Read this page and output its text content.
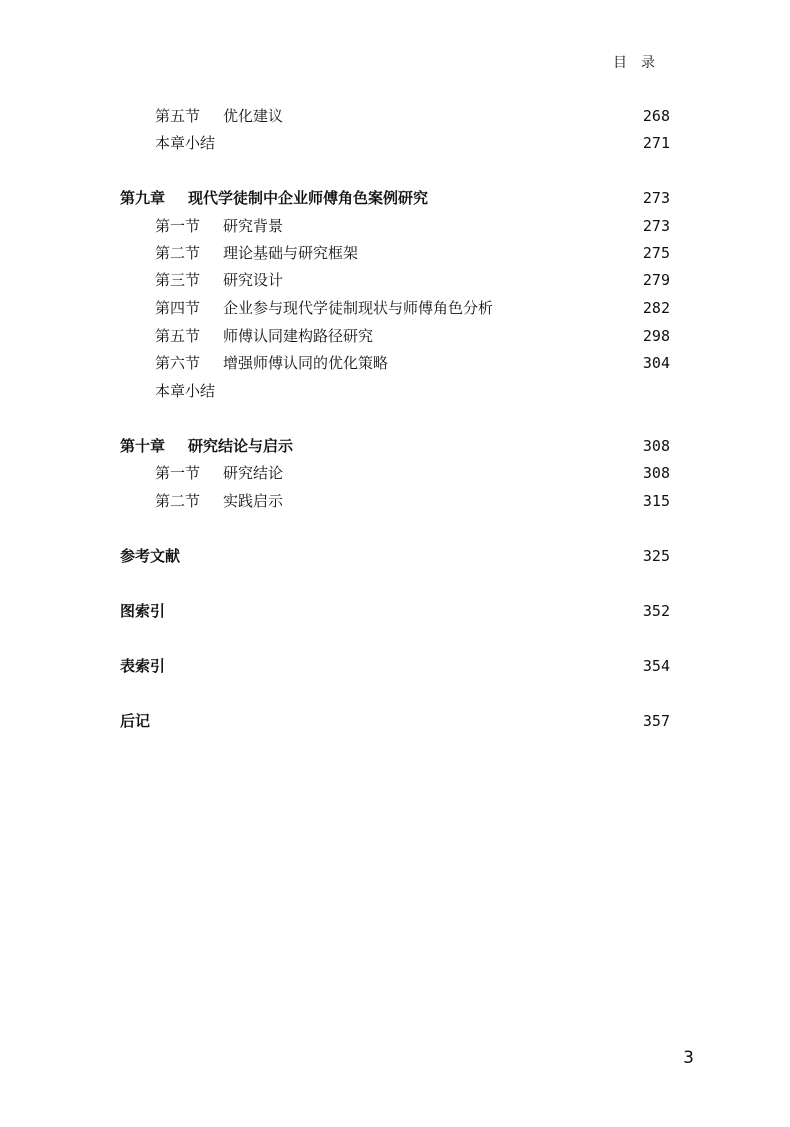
目录
第五节 优化建议	268
本章小结	271
第九章 现代学徒制中企业师傅角色案例研究	273
第一节 研究背景	273
第二节 理论基础与研究框架	275
第三节 研究设计	279
第四节 企业参与现代学徒制现状与师傅角色分析	282
第五节 师傅认同建构路径研究	298
第六节 增强师傅认同的优化策略	304
本章小结
第十章 研究结论与启示	308
第一节 研究结论	308
第二节 实践启示	315
参考文献	325
图索引	352
表索引	354
后记	357
3
